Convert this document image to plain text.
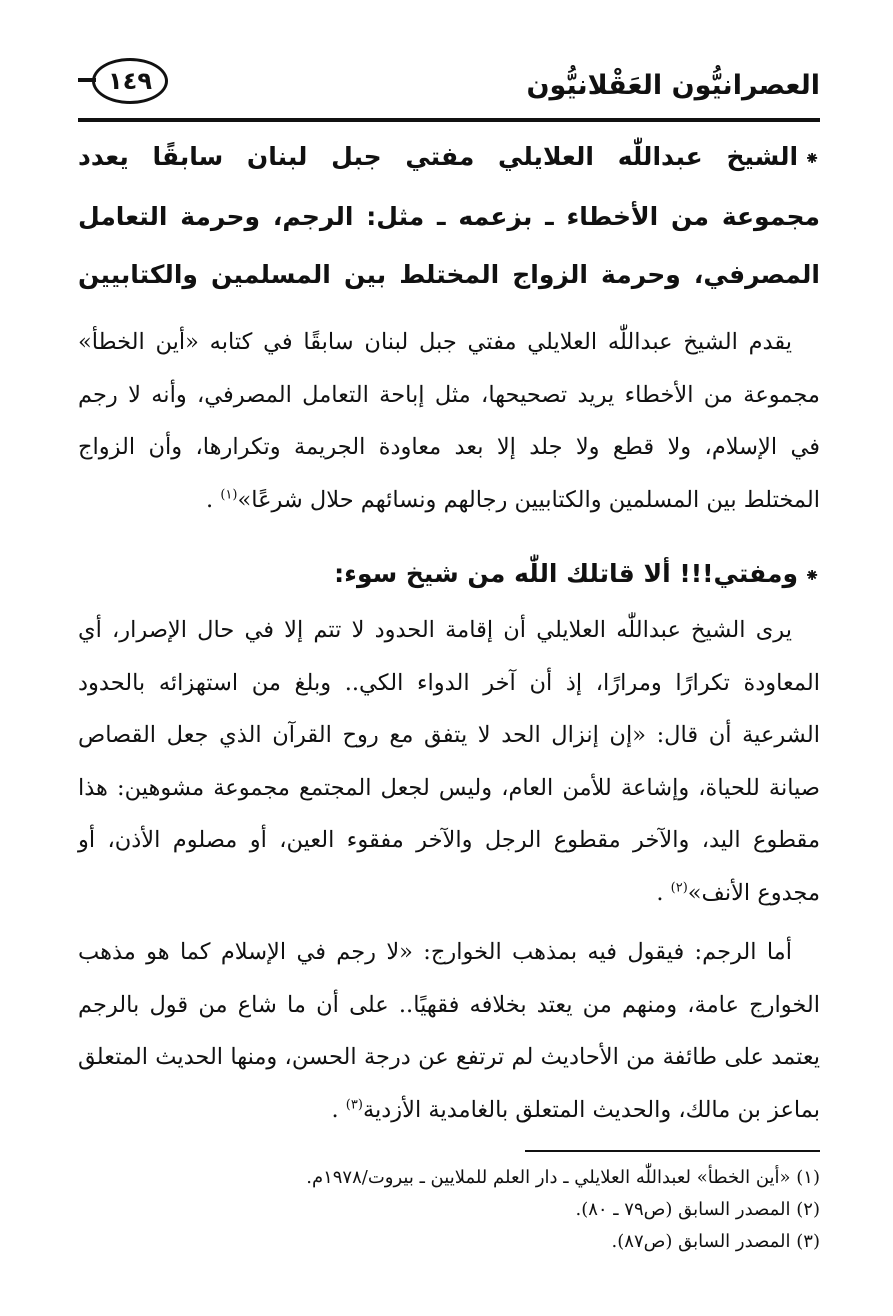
العصرانيُّون العَقْلانيُّون
١٤٩

⁕الشيخ عبداللّٰه العلايلي مفتي جبل لبنان سابقًا يعدد مجموعة من الأخطاء ـ بزعمه ـ مثل: الرجم، وحرمة التعامل المصرفي، وحرمة الزواج المختلط بين المسلمين والكتابيين

يقدم الشيخ عبداللّٰه العلايلي مفتي جبل لبنان سابقًا في كتابه «أين الخطأ» مجموعة من الأخطاء يريد تصحيحها، مثل إباحة التعامل المصرفي، وأنه لا رجم في الإسلام، ولا قطع ولا جلد إلا بعد معاودة الجريمة وتكرارها، وأن الزواج المختلط بين المسلمين والكتابيين رجالهم ونسائهم حلال شرعًا»$^{(١)}$ .

⁕ومفتي!!! ألا قاتلك اللّٰه من شيخ سوء:

يرى الشيخ عبداللّٰه العلايلي أن إقامة الحدود لا تتم إلا في حال الإصرار، أي المعاودة تكرارًا ومرارًا، إذ أن آخر الدواء الكي.. وبلغ من استهزائه بالحدود الشرعية أن قال: «إن إنزال الحد لا يتفق مع روح القرآن الذي جعل القصاص صيانة للحياة، وإشاعة للأمن العام، وليس لجعل المجتمع مجموعة مشوهين: هذا مقطوع اليد، والآخر مقطوع الرجل والآخر مفقوء العين، أو مصلوم الأذن، أو مجدوع الأنف»$^{(٢)}$ .

أما الرجم: فيقول فيه بمذهب الخوارج: «لا رجم في الإسلام كما هو مذهب الخوارج عامة، ومنهم من يعتد بخلافه فقهيًا.. على أن ما شاع من قول بالرجم يعتمد على طائفة من الأحاديث لم ترتفع عن درجة الحسن، ومنها الحديث المتعلق بماعز بن مالك، والحديث المتعلق بالغامدية الأزدية$^{(٣)}$ .

(١) «أين الخطأ» لعبداللّٰه العلايلي ـ دار العلم للملايين ـ بيروت/١٩٧٨م.
(٢) المصدر السابق (ص٧٩ ـ ٨٠).
(٣) المصدر السابق (ص٨٧).
